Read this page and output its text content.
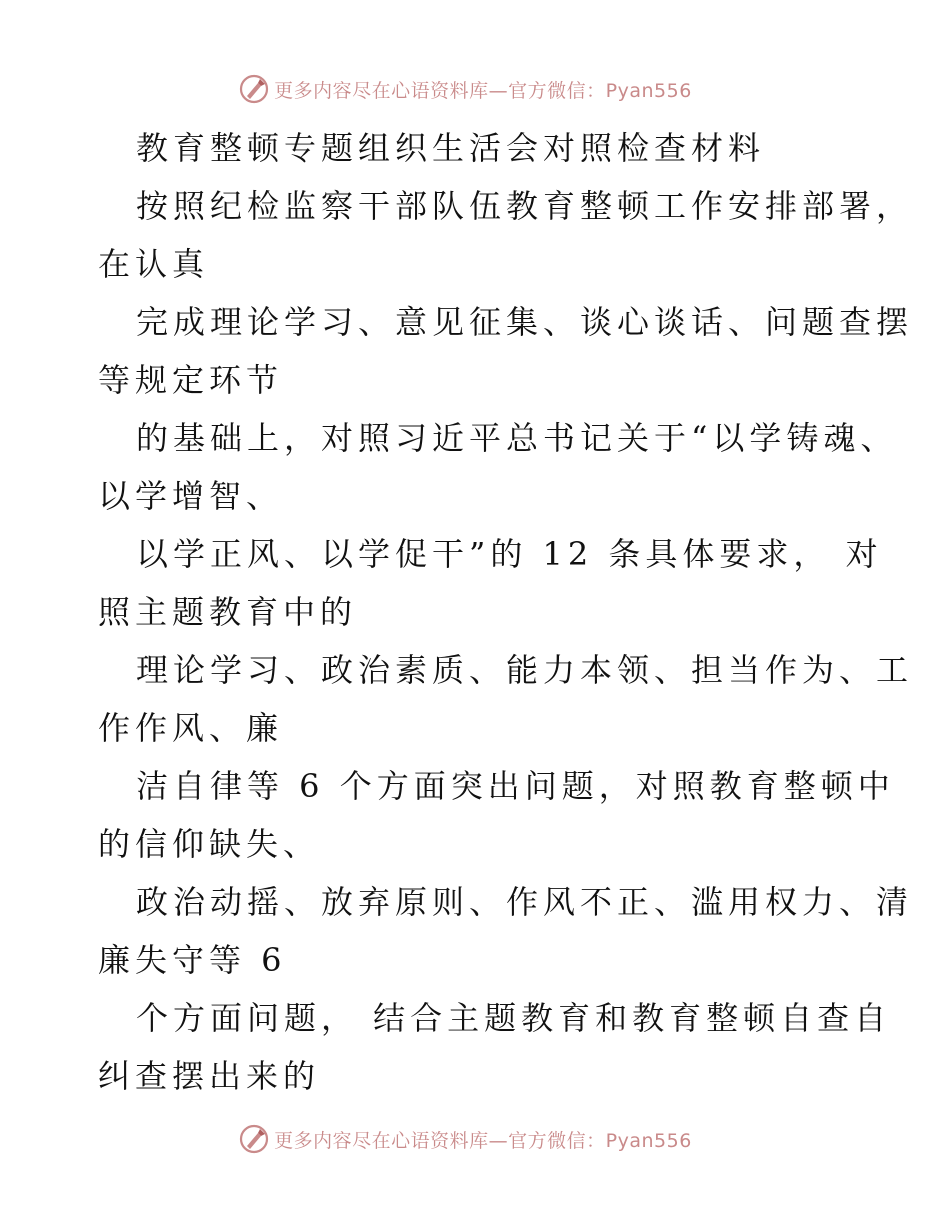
更多内容尽在心语资料库—官方微信：Pyan556
教育整顿专题组织生活会对照检查材料
按照纪检监察干部队伍教育整顿工作安排部署，
在认真
完成理论学习、意见征集、谈心谈话、问题查摆
等规定环节
的基础上，对照习近平总书记关于“以学铸魂、
以学增智、
以学正风、以学促干”的 12 条具体要求， 对
照主题教育中的
理论学习、政治素质、能力本领、担当作为、工
作作风、廉
洁自律等 6 个方面突出问题，对照教育整顿中
的信仰缺失、
政治动摇、放弃原则、作风不正、滥用权力、清
廉失守等 6
个方面问题， 结合主题教育和教育整顿自查自
纠查摆出来的
更多内容尽在心语资料库—官方微信：Pyan556
